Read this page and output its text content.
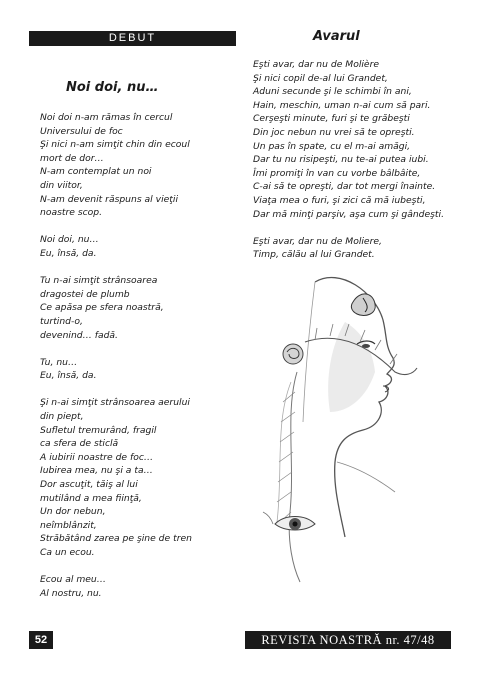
DEBUT
Noi doi, nu…
Noi doi n-am rămas în cercul
Universului de foc
Şi nici n-am simţit chin din ecoul
mort de dor…
N-am contemplat un noi
din viitor,
N-am devenit răspuns al vieţii
noastre scop.
Noi doi, nu…
Eu, însă, da.
Tu n-ai simţit strânsoarea
dragostei de plumb
Ce apăsa pe sfera noastră,
turtind-o,
devenind… fadă.
Tu, nu…
Eu, însă, da.
Şi n-ai simţit strânsoarea aerului
din piept,
Sufletul tremurând, fragil
ca sfera de sticlă
A iubirii noastre de foc…
Iubirea mea, nu şi a ta…
Dor ascuţit, tăiş al lui
mutilând a mea fiinţă,
Un dor nebun,
neîmblânzit,
Străbătând zarea pe şine de tren
Ca un ecou.
Ecou al meu…
Al nostru, nu.
Avarul
Eşti avar, dar nu de Molière
Şi nici copil de-al lui Grandet,
Aduni secunde şi le schimbi în ani,
Hain, meschin, uman n-ai cum să pari.
Cerşeşti minute, furi şi te grăbeşti
Din joc nebun nu vrei să te opreşti.
Un pas în spate, cu el m-ai amăgi,
Dar tu nu risipeşti, nu te-ai putea iubi.
Îmi promiţi în van cu vorbe bâlbâite,
C-ai să te opreşti, dar tot mergi înainte.
Viaţa mea o furi, şi zici că mă iubeşti,
Dar mă minţi parşiv, aşa cum şi gândeşti.
Eşti avar, dar nu de Moliere,
Timp, călău al lui Grandet.
52	REVISTA NOASTRĂ nr. 47/48
